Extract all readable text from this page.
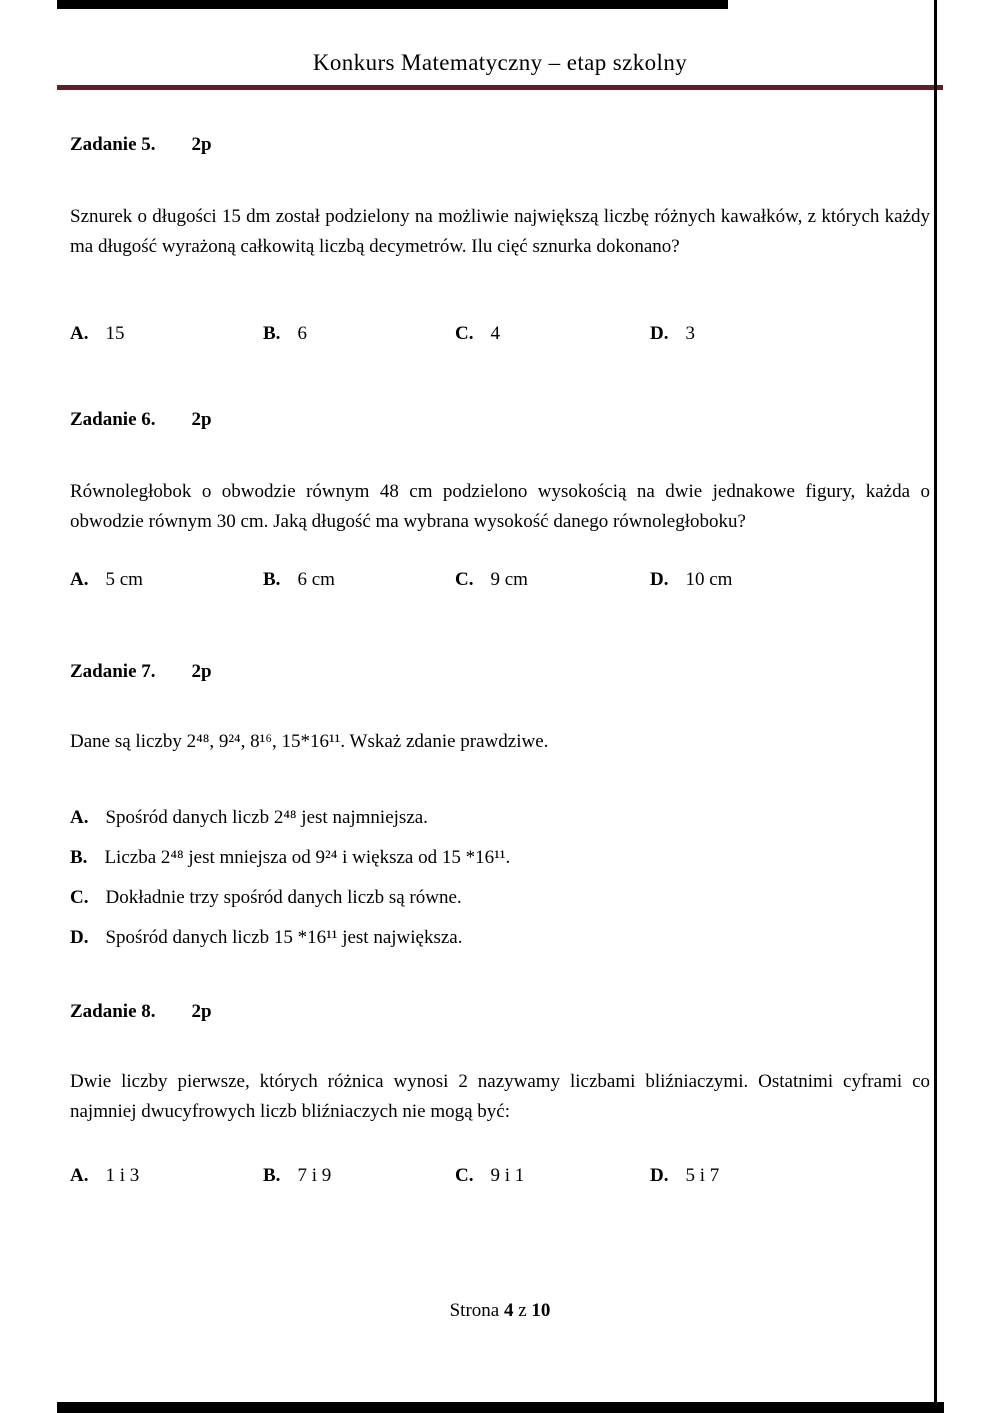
Konkurs Matematyczny – etap szkolny
Zadanie 5. 2p

Sznurek o długości 15 dm został podzielony na możliwie największą liczbę różnych kawałków, z których każdy ma długość wyrażoną całkowitą liczbą decymetrów. Ilu cięć sznurka dokonano?

A. 15	B. 6	C. 4	D. 3
Zadanie 6. 2p

Równoległobok o obwodzie równym 48 cm podzielono wysokością na dwie jednakowe figury, każda o obwodzie równym 30 cm. Jaką długość ma wybrana wysokość danego równoległoboku?

A. 5 cm	B. 6 cm	C. 9 cm	D. 10 cm
Zadanie 7. 2p

Dane są liczby 2⁴⁸, 9²⁴, 8¹⁶, 15*16¹¹. Wskaż zdanie prawdziwe.

A. Spośród danych liczb 2⁴⁸ jest najmniejsza.
B. Liczba 2⁴⁸ jest mniejsza od 9²⁴ i większa od 15 *16¹¹.
C. Dokładnie trzy spośród danych liczb są równe.
D. Spośród danych liczb 15 *16¹¹ jest największa.
Zadanie 8. 2p

Dwie liczby pierwsze, których różnica wynosi 2 nazywamy liczbami bliźniaczymi. Ostatnimi cyframi co najmniej dwucyfrowych liczb bliźniaczych nie mogą być:

A. 1 i 3	B. 7 i 9	C. 9 i 1	D. 5 i 7
Strona 4 z 10
